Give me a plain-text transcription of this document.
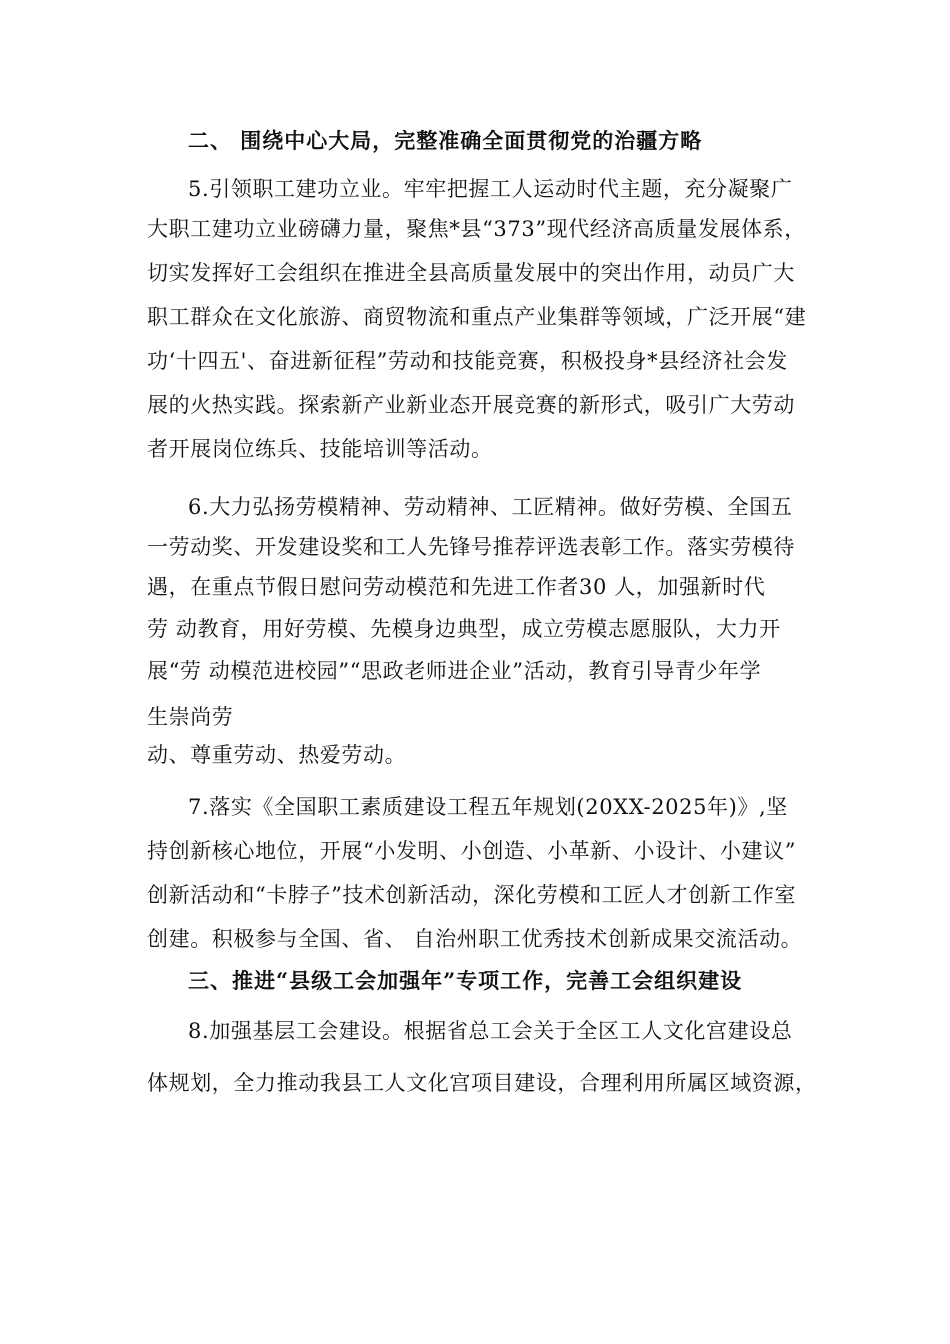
二、 围绕中心大局，完整准确全面贯彻党的治疆方略
5.引领职工建功立业。牢牢把握工人运动时代主题，充分凝聚广
大职工建功立业磅礴力量，聚焦*县“373”现代经济高质量发展体系，
切实发挥好工会组织在推进全县高质量发展中的突出作用，动员广大
职工群众在文化旅游、商贸物流和重点产业集群等领域，广泛开展“建
功‘十四五'、奋进新征程”劳动和技能竞赛，积极投身*县经济社会发
展的火热实践。探索新产业新业态开展竞赛的新形式，吸引广大劳动
者开展岗位练兵、技能培训等活动。
6.大力弘扬劳模精神、劳动精神、工匠精神。做好劳模、全国五
一劳动奖、开发建设奖和工人先锋号推荐评选表彰工作。落实劳模待
遇，在重点节假日慰问劳动模范和先进工作者30 人，加强新时代
劳 动教育，用好劳模、先模身边典型，成立劳模志愿服队，大力开
展“劳 动模范进校园”“思政老师进企业”活动，教育引导青少年学
生崇尚劳
动、尊重劳动、热爱劳动。
7.落实《全国职工素质建设工程五年规划(20XX-2025年)》,坚
持创新核心地位，开展“小发明、小创造、小革新、小设计、小建议”
创新活动和“卡脖子”技术创新活动，深化劳模和工匠人才创新工作室
创建。积极参与全国、省、 自治州职工优秀技术创新成果交流活动。
三、推进“县级工会加强年”专项工作，完善工会组织建设
8.加强基层工会建设。根据省总工会关于全区工人文化宫建设总
体规划，全力推动我县工人文化宫项目建设，合理利用所属区域资源，
